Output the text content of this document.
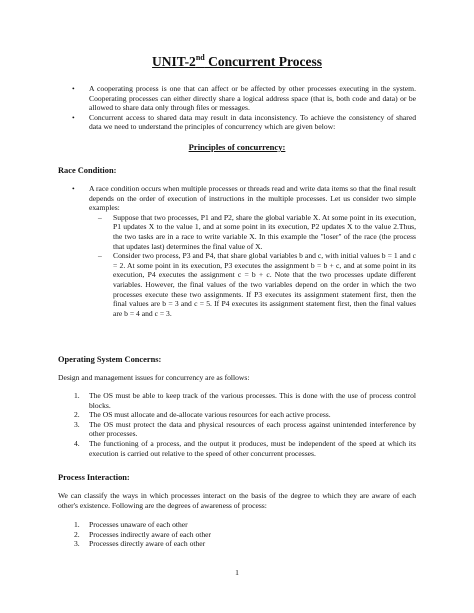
UNIT-2nd Concurrent Process
• A cooperating process is one that can affect or be affected by other processes executing in the system. Cooperating processes can either directly share a logical address space (that is, both code and data) or be allowed to share data only through files or messages.
• Concurrent access to shared data may result in data inconsistency. To achieve the consistency of shared data we need to understand the principles of concurrency which are given below:
Principles of concurrency:
Race Condition:
• A race condition occurs when multiple processes or threads read and write data items so that the final result depends on the order of execution of instructions in the multiple processes. Let us consider two simple examples:
– Suppose that two processes, P1 and P2, share the global variable X. At some point in its execution, P1 updates X to the value 1, and at some point in its execution, P2 updates X to the value 2.Thus, the two tasks are in a race to write variable X. In this example the "loser" of the race (the process that updates last) determines the final value of X.
– Consider two process, P3 and P4, that share global variables b and c, with initial values b = 1 and c = 2. At some point in its execution, P3 executes the assignment b = b + c, and at some point in its execution, P4 executes the assignment c = b + c. Note that the two processes update different variables. However, the final values of the two variables depend on the order in which the two processes execute these two assignments. If P3 executes its assignment statement first, then the final values are b = 3 and c = 5. If P4 executes its assignment statement first, then the final values are b = 4 and c = 3.
Operating System Concerns:
Design and management issues for concurrency are as follows:
1. The OS must be able to keep track of the various processes. This is done with the use of process control blocks.
2. The OS must allocate and de-allocate various resources for each active process.
3. The OS must protect the data and physical resources of each process against unintended interference by other processes.
4. The functioning of a process, and the output it produces, must be independent of the speed at which its execution is carried out relative to the speed of other concurrent processes.
Process Interaction:
We can classify the ways in which processes interact on the basis of the degree to which they are aware of each other's existence. Following are the degrees of awareness of process:
1. Processes unaware of each other
2. Processes indirectly aware of each other
3. Processes directly aware of each other
1
